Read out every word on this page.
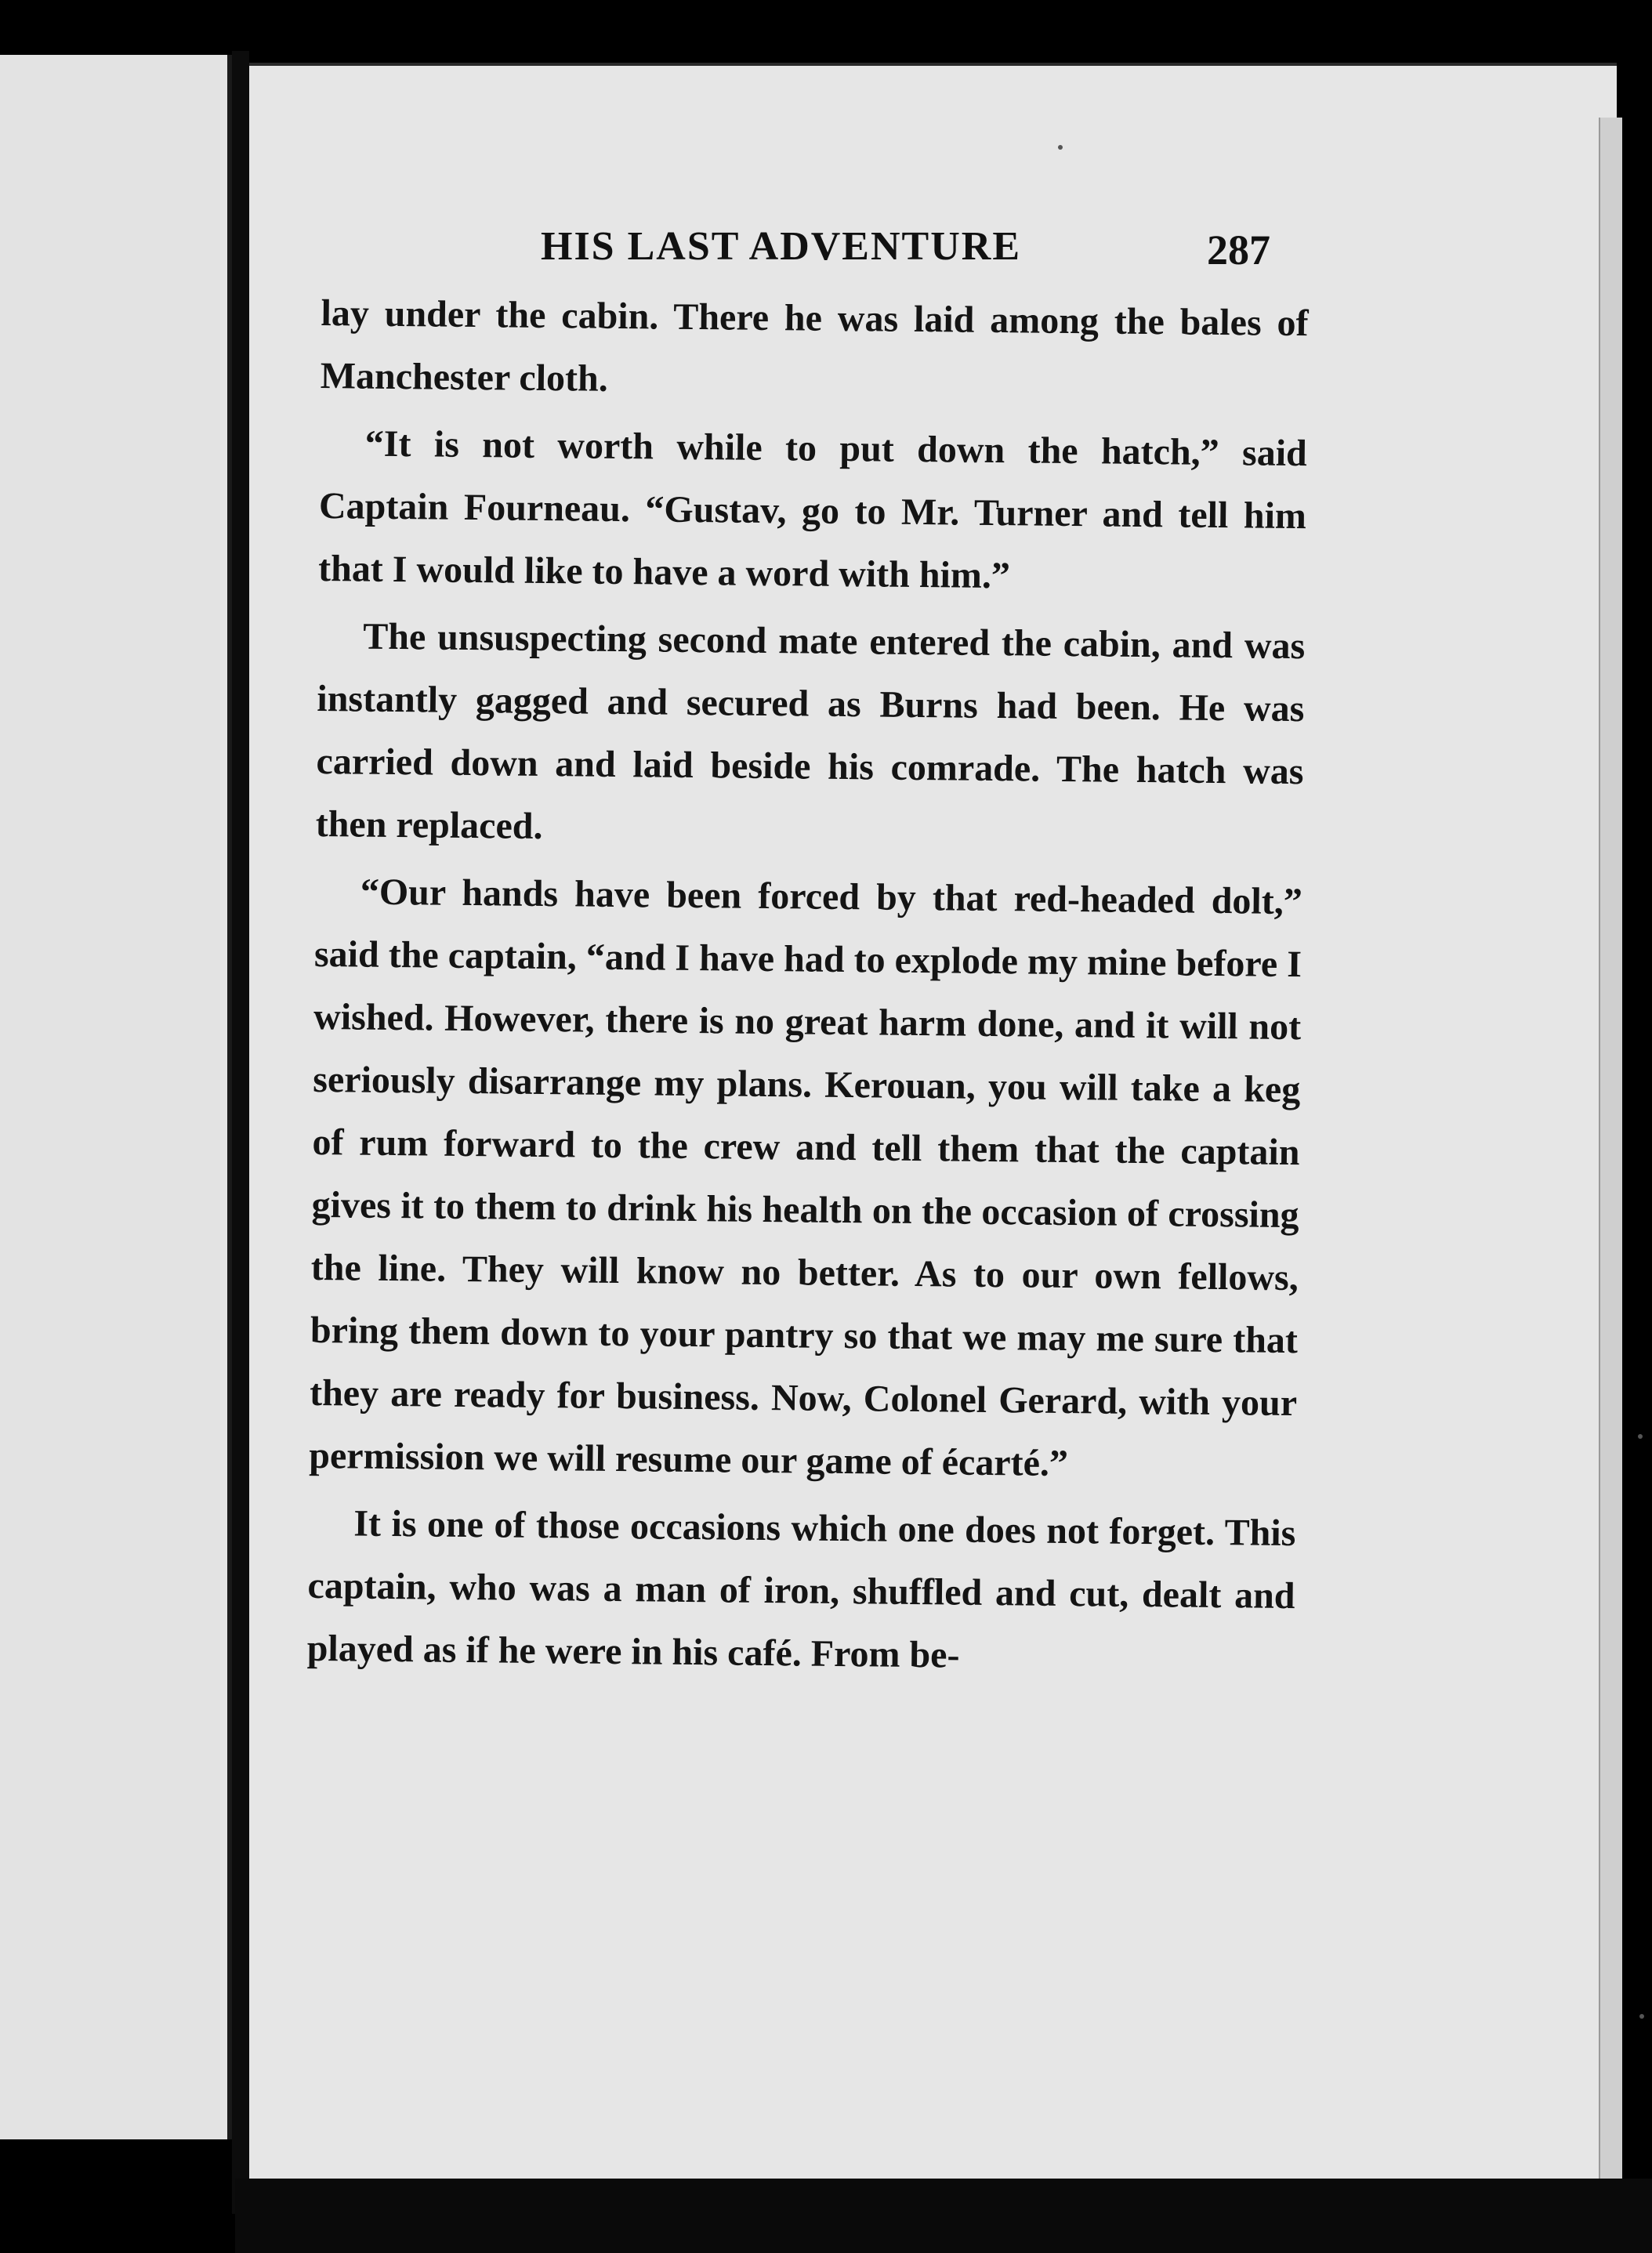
HIS LAST ADVENTURE	287

lay under the cabin. There he was laid among the bales of Manchester cloth.

“It is not worth while to put down the hatch,” said Captain Fourneau. “Gustav, go to Mr. Turner and tell him that I would like to have a word with him.”

The unsuspecting second mate entered the cabin, and was instantly gagged and secured as Burns had been. He was carried down and laid beside his comrade. The hatch was then replaced.

“Our hands have been forced by that red-headed dolt,” said the captain, “and I have had to explode my mine before I wished. However, there is no great harm done, and it will not seriously disarrange my plans. Kerouan, you will take a keg of rum forward to the crew and tell them that the captain gives it to them to drink his health on the occasion of crossing the line. They will know no better. As to our own fellows, bring them down to your pantry so that we may me sure that they are ready for business. Now, Colonel Gerard, with your permission we will resume our game of écarté.”

It is one of those occasions which one does not forget. This captain, who was a man of iron, shuffled and cut, dealt and played as if he were in his café. From be-
